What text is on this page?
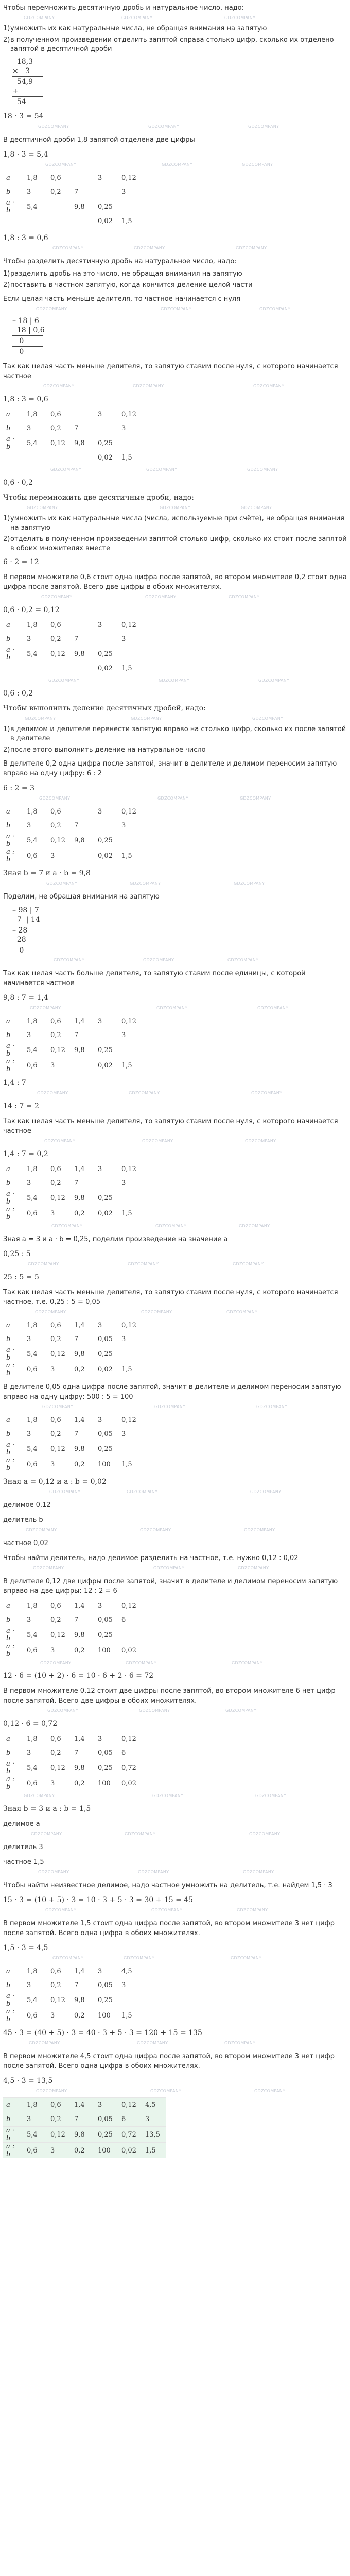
Чтобы перемножить десятичную дробь и натуральное число, надо:

GDZCOMPANY	GDZCOMPANY	GDZCOMPANY
1) умножить их как натуральные числа, не обращая внимания на запятую
2) в полученном произведении отделить запятой справа столько цифр, сколько их отделено запятой в десятичной дроби
18,3
×   3
54,9
+
54

18 · 3 = 54

GDZCOMPANY	GDZCOMPANY	GDZCOMPANY

В десятичной дроби 1,8 запятой отделена две цифры

1,8 · 3 = 5,4

GDZCOMPANY	GDZCOMPANY	GDZCOMPANY
a	1,8	0,6		3	0,12
b	3	0,2	7		3
a · b	5,4		9,8	0,25	
				0,02	1,5

1,8 : 3 = 0,6

GDZCOMPANY	GDZCOMPANY	GDZCOMPANY

Чтобы разделить десятичную дробь на натуральное число, надо:

1) разделить дробь на это число, не обращая внимания на запятую
2) поставить в частном запятую, когда кончится деление целой части

Если целая часть меньше делителя, то частное начинается с нуля

GDZCOMPANY	GDZCOMPANY	GDZCOMPANY
– 18 | 6
18 | 0,6
0
0

Так как целая часть меньше делителя, то запятую ставим после нуля, с которого начинается частное

GDZCOMPANY	GDZCOMPANY	GDZCOMPANY

1,8 : 3 = 0,6

a	1,8	0,6		3	0,12
b	3	0,2	7		3
a · b	5,4	0,12	9,8	0,25	
				0,02	1,5
GDZCOMPANY	GDZCOMPANY	GDZCOMPANY

0,6 · 0,2

Чтобы перемножить две десятичные дроби, надо:

GDZCOMPANY	GDZCOMPANY	GDZCOMPANY
1) умножить их как натуральные числа (числа, используемые при счёте), не обращая внимания на запятую
2) отделить в полученном произведении запятой столько цифр, сколько их стоит после запятой в обоих множителях вместе

6 · 2 = 12

В первом множителе 0,6 стоит одна цифра после запятой, во втором множителе 0,2 стоит одна цифра после запятой. Всего две цифры в обоих множителях.

GDZCOMPANY	GDZCOMPANY	GDZCOMPANY

0,6 · 0,2 = 0,12

a	1,8	0,6		3	0,12
b	3	0,2	7		3
a · b	5,4	0,12	9,8	0,25	
				0,02	1,5
GDZCOMPANY	GDZCOMPANY	GDZCOMPANY

0,6 : 0,2

Чтобы выполнить деление десятичных дробей, надо:

GDZCOMPANY	GDZCOMPANY	GDZCOMPANY
1) в делимом и делителе перенести запятую вправо на столько цифр, сколько их после запятой в делителе
2) после этого выполнить деление на натуральное число

В делителе 0,2 одна цифра после запятой, значит в делителе и делимом переносим запятую вправо на одну цифру: 6 : 2

6 : 2 = 3

GDZCOMPANY	GDZCOMPANY	GDZCOMPANY
a	1,8	0,6		3	0,12
b	3	0,2	7		3
a · b	5,4	0,12	9,8	0,25	
a : b	0,6	3		0,02	1,5

Зная b = 7 и a · b = 9,8

GDZCOMPANY	GDZCOMPANY	GDZCOMPANY

Поделим, не обращая внимания на запятую

– 98 | 7
7  | 14
– 28
28
0
GDZCOMPANY	GDZCOMPANY	GDZCOMPANY

Так как целая часть больше делителя, то запятую ставим после единицы, с которой начинается частное

9,8 : 7 = 1,4

GDZCOMPANY	GDZCOMPANY	GDZCOMPANY
a	1,8	0,6	1,4	3	0,12
b	3	0,2	7		3
a · b	5,4	0,12	9,8	0,25	
a : b	0,6	3		0,02	1,5

1,4 : 7

GDZCOMPANY	GDZCOMPANY	GDZCOMPANY

14 : 7 = 2

Так как целая часть меньше делителя, то запятую ставим после нуля, с которого начинается частное

GDZCOMPANY	GDZCOMPANY	GDZCOMPANY

1,4 : 7 = 0,2

a	1,8	0,6	1,4	3	0,12
b	3	0,2	7		3
a · b	5,4	0,12	9,8	0,25	
a : b	0,6	3	0,2	0,02	1,5
GDZCOMPANY	GDZCOMPANY	GDZCOMPANY

Зная a = 3 и a · b = 0,25, поделим произведение на значение a

0,25 : 5

GDZCOMPANY	GDZCOMPANY	GDZCOMPANY

25 : 5 = 5

Так как целая часть меньше делителя, то запятую ставим после нуля, с которого начинается частное, т.е. 0,25 : 5 = 0,05

GDZCOMPANY	GDZCOMPANY	GDZCOMPANY
a	1,8	0,6	1,4	3	0,12
b	3	0,2	7	0,05	3
a · b	5,4	0,12	9,8	0,25	
a : b	0,6	3	0,2	0,02	1,5

В делителе 0,05 одна цифра после запятой, значит в делителе и делимом переносим запятую вправо на одну цифру: 500 : 5 = 100

GDZCOMPANY	GDZCOMPANY	GDZCOMPANY
a	1,8	0,6	1,4	3	0,12
b	3	0,2	7	0,05	3
a · b	5,4	0,12	9,8	0,25	
a : b	0,6	3	0,2	100	1,5

Зная a = 0,12 и a : b = 0,02

GDZCOMPANY	GDZCOMPANY	GDZCOMPANY

делимое 0,12

делитель b

GDZCOMPANY	GDZCOMPANY	GDZCOMPANY

частное 0,02

Чтобы найти делитель, надо делимое разделить на частное, т.е. нужно 0,12 : 0,02

GDZCOMPANY	GDZCOMPANY	GDZCOMPANY

В делителе 0,12 две цифры после запятой, значит в делителе и делимом переносим запятую вправо на две цифры: 12 : 2 = 6

a	1,8	0,6	1,4	3	0,12
b	3	0,2	7	0,05	6
a · b	5,4	0,12	9,8	0,25	
a : b	0,6	3	0,2	100	0,02
GDZCOMPANY	GDZCOMPANY	GDZCOMPANY

12 · 6 = (10 + 2) · 6 = 10 · 6 + 2 · 6 = 72

В первом множителе 0,12 стоит две цифры после запятой, во втором множителе 6 нет цифр после запятой. Всего две цифры в обоих множителях.

GDZCOMPANY	GDZCOMPANY	GDZCOMPANY

0,12 · 6 = 0,72

a	1,8	0,6	1,4	3	0,12
b	3	0,2	7	0,05	6
a · b	5,4	0,12	9,8	0,25	0,72
a : b	0,6	3	0,2	100	0,02
GDZCOMPANY	GDZCOMPANY	GDZCOMPANY

Зная b = 3 и a : b = 1,5

делимое a

GDZCOMPANY	GDZCOMPANY	GDZCOMPANY

делитель 3

частное 1,5

GDZCOMPANY	GDZCOMPANY	GDZCOMPANY

Чтобы найти неизвестное делимое, надо частное умножить на делитель, т.е. найдем 1,5 · 3

15 · 3 = (10 + 5) · 3 = 10 · 3 + 5 · 3 = 30 + 15 = 45

GDZCOMPANY	GDZCOMPANY	GDZCOMPANY

В первом множителе 1,5 стоит одна цифра после запятой, во втором множителе 3 нет цифр после запятой. Всего одна цифра в обоих множителях.

1,5 · 3 = 4,5

GDZCOMPANY	GDZCOMPANY	GDZCOMPANY
a	1,8	0,6	1,4	3	4,5
b	3	0,2	7	0,05	3
a · b	5,4	0,12	9,8	0,25	
a : b	0,6	3	0,2	100	1,5

45 · 3 = (40 + 5) · 3 = 40 · 3 + 5 · 3 = 120 + 15 = 135

GDZCOMPANY	GDZCOMPANY	GDZCOMPANY

В первом множителе 4,5 стоит одна цифра после запятой, во втором множителе 3 нет цифр после запятой. Всего одна цифра в обоих множителях.

4,5 · 3 = 13,5

GDZCOMPANY	GDZCOMPANY	GDZCOMPANY
a	1,8	0,6	1,4	3	0,12	4,5
b	3	0,2	7	0,05	6	3
a · b	5,4	0,12	9,8	0,25	0,72	13,5
a : b	0,6	3	0,2	100	0,02	1,5
